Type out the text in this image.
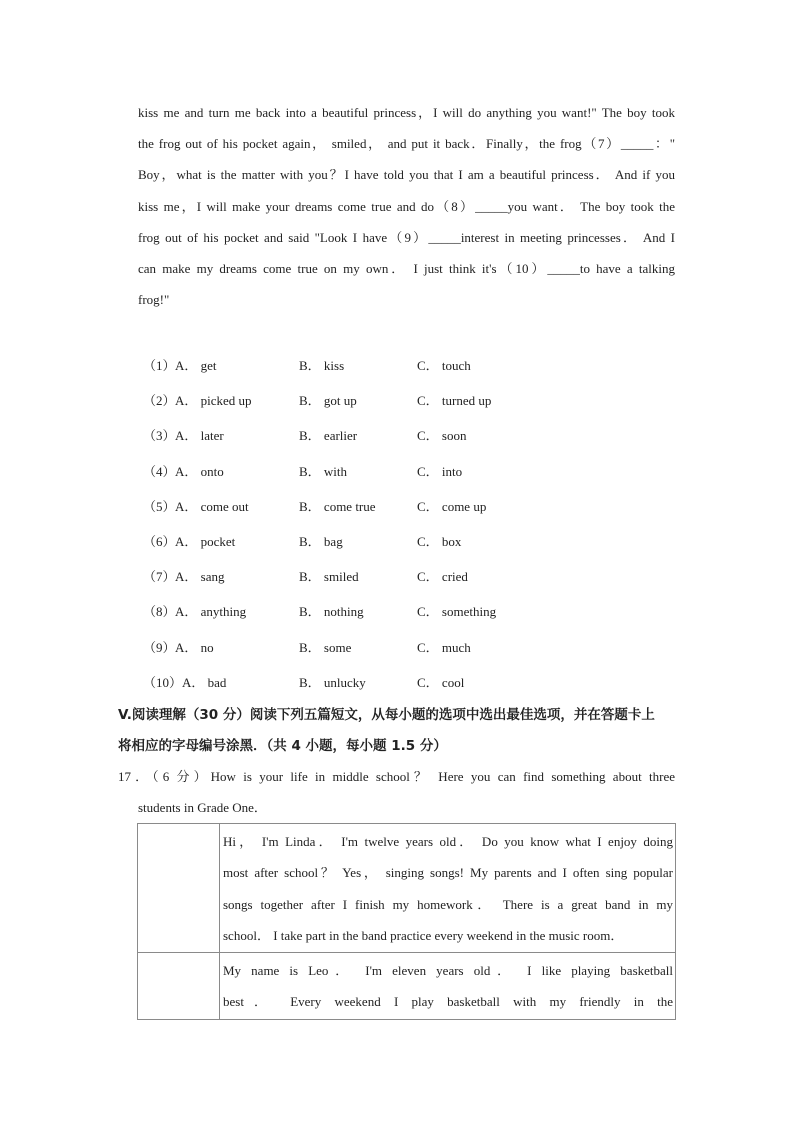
kiss me and turn me back into a beautiful princess，I will do anything you want!" The boy took
the frog out of his pocket again， smiled， and put it back．Finally，the frog（7）_____："
Boy，what is the matter with you？I have told you that I am a beautiful princess． And if you
kiss me，I will make your dreams come true and do（8）_____you want． The boy took the
frog out of his pocket and said "Look I have（9）_____interest in meeting princesses． And I
can make my dreams come true on my own． I just think it's（10）_____to have a talking
frog!"
（1） A． get	B． kiss	C． touch
（2） A． picked up	B． got up	C． turned up
（3） A． later	B． earlier	C． soon
（4） A． onto	B． with	C． into
（5） A． come out	B． come true	C． come up
（6） A． pocket	B． bag	C． box
（7） A． sang	B． smiled	C． cried
（8） A． anything	B． nothing	C． something
（9） A． no	B． some	C． much
（10） A． bad	B． unlucky	C． cool
V.阅读理解（30 分）阅读下列五篇短文，从每小题的选项中选出最佳选项，并在答题卡上
将相应的字母编号涂黑．（共 4 小题，每小题 1.5 分）
17．（6 分）How is your life in middle school？ Here you can find something about three
students in Grade One．

	Hi， I'm Linda． I'm twelve years old． Do you know what I enjoy doing
most after school？ Yes， singing songs! My parents and I often sing popular
songs together after I finish my homework． There is a great band in my
school． I take part in the band practice every weekend in the music room．

	My name is Leo． I'm eleven years old． I like playing basketball
best． Every weekend I play basketball with my friendly in the
